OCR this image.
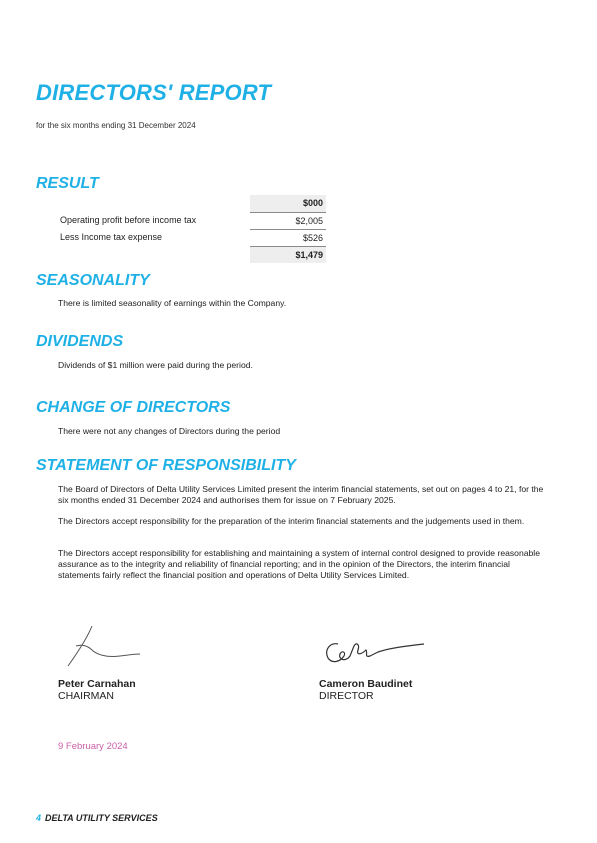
DIRECTORS' REPORT
for the six months ending 31 December 2024
RESULT
$000
Operating profit before income tax	$2,005
Less Income tax expense	$526
$1,479
SEASONALITY
There is limited seasonality of earnings within the Company.
DIVIDENDS
Dividends of $1 million were paid during the period.
CHANGE OF DIRECTORS
There were not any changes of Directors during the period
STATEMENT OF RESPONSIBILITY
The Board of Directors of Delta Utility Services Limited present the interim financial statements, set out on pages 4 to 21, for the six months ended 31 December 2024 and authorises them for issue on 7 February 2025.
The Directors accept responsibility for the preparation of the interim financial statements and the judgements used in them.
The Directors accept responsibility for establishing and maintaining a system of internal control designed to provide reasonable assurance as to the integrity and reliability of financial reporting; and in the opinion of the Directors, the interim financial statements fairly reflect the financial position and operations of Delta Utility Services Limited.
Peter Carnahan
CHAIRMAN
Cameron Baudinet
DIRECTOR
9 February 2024
4 DELTA UTILITY SERVICES
